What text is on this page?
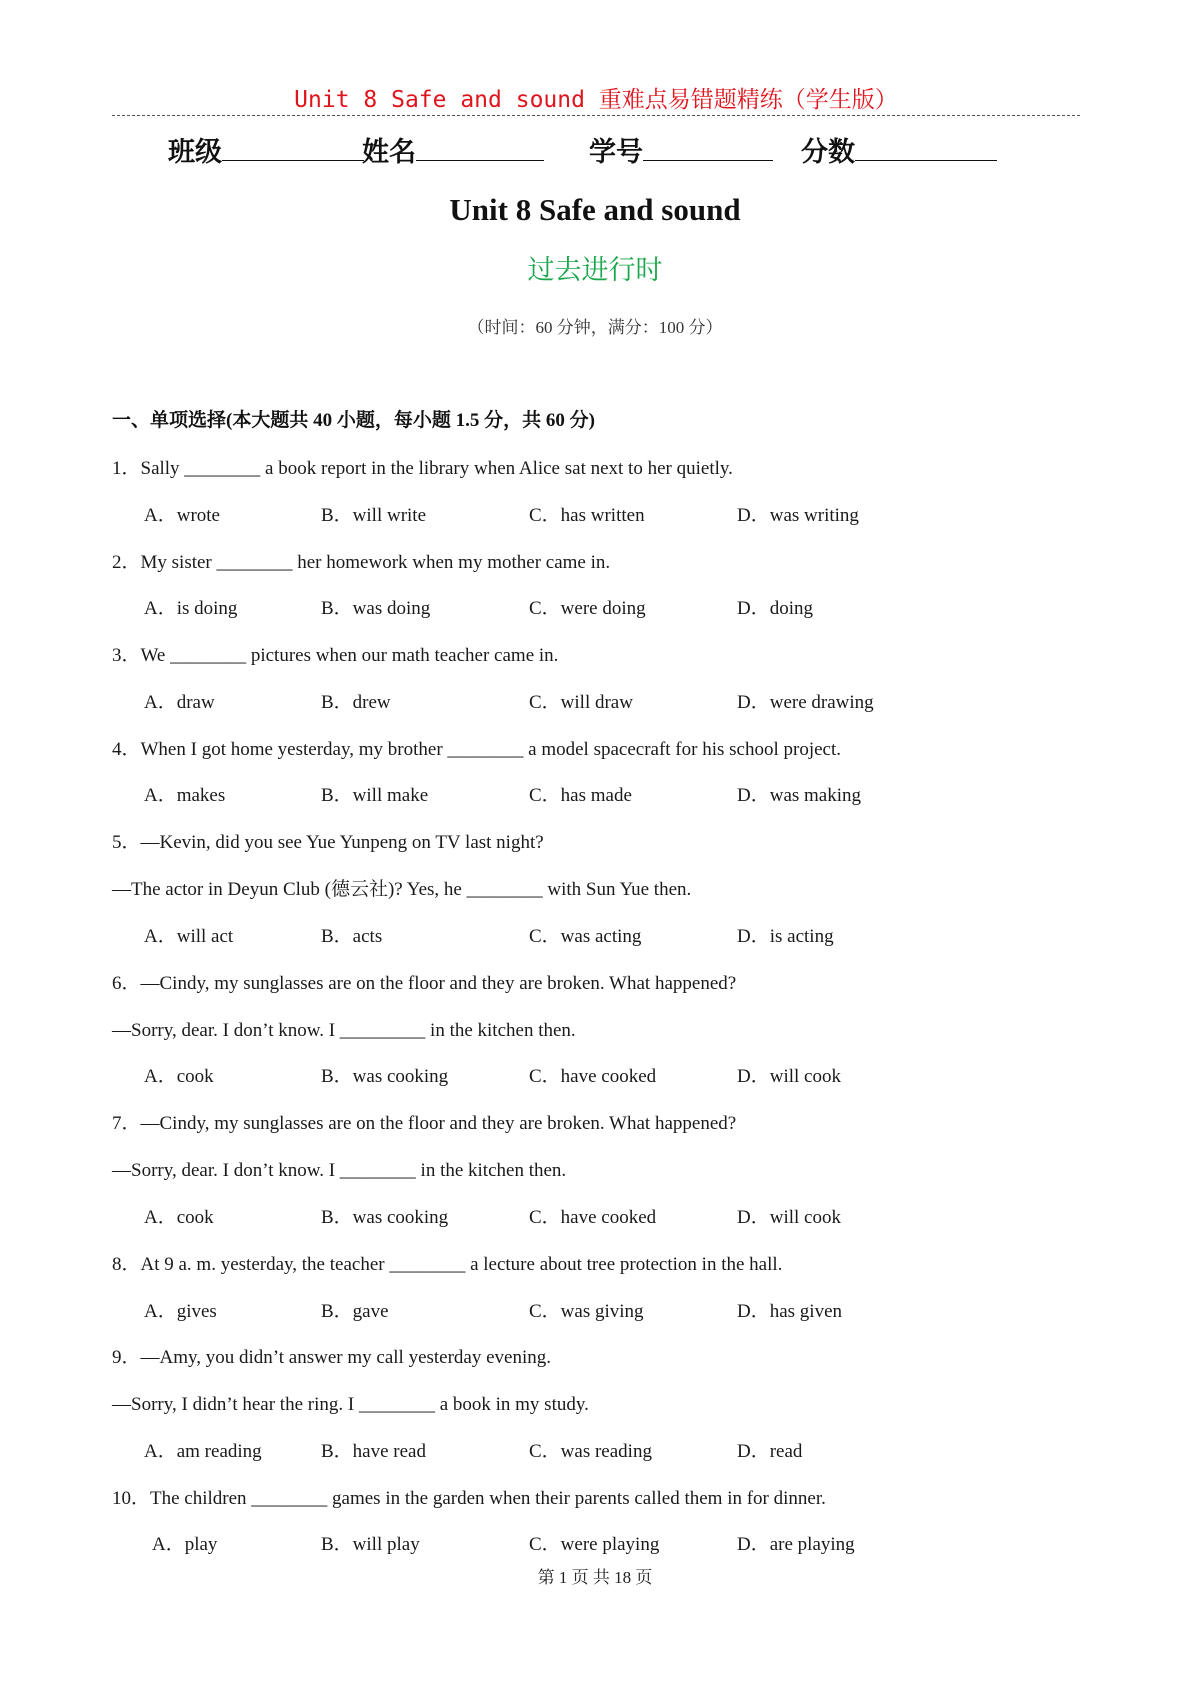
Unit 8 Safe and sound 重难点易错题精练（学生版）
班级	姓名	学号	分数
Unit 8 Safe and sound
过去进行时
（时间：60 分钟，满分：100 分）
一、单项选择(本大题共 40 小题，每小题 1.5 分，共 60 分)
1．Sally ________ a book report in the library when Alice sat next to her quietly.
A．wrote	B．will write	C．has written	D．was writing
2．My sister ________ her homework when my mother came in.
A．is doing	B．was doing	C．were doing	D．doing
3．We ________ pictures when our math teacher came in.
A．draw	B．drew	C．will draw	D．were drawing
4．When I got home yesterday, my brother ________ a model spacecraft for his school project.
A．makes	B．will make	C．has made	D．was making
5．—Kevin, did you see Yue Yunpeng on TV last night?
—The actor in Deyun Club (德云社)? Yes, he ________ with Sun Yue then.
A．will act	B．acts	C．was acting	D．is acting
6．—Cindy, my sunglasses are on the floor and they are broken. What happened?
—Sorry, dear. I don’t know. I _________ in the kitchen then.
A．cook	B．was cooking	C．have cooked	D．will cook
7．—Cindy, my sunglasses are on the floor and they are broken. What happened?
—Sorry, dear. I don’t know. I ________ in the kitchen then.
A．cook	B．was cooking	C．have cooked	D．will cook
8．At 9 a. m. yesterday, the teacher ________ a lecture about tree protection in the hall.
A．gives	B．gave	C．was giving	D．has given
9．—Amy, you didn’t answer my call yesterday evening.
—Sorry, I didn’t hear the ring. I ________ a book in my study.
A．am reading	B．have read	C．was reading	D．read
10．The children ________ games in the garden when their parents called them in for dinner.
A．play	B．will play	C．were playing	D．are playing
第 1 页 共 18 页
